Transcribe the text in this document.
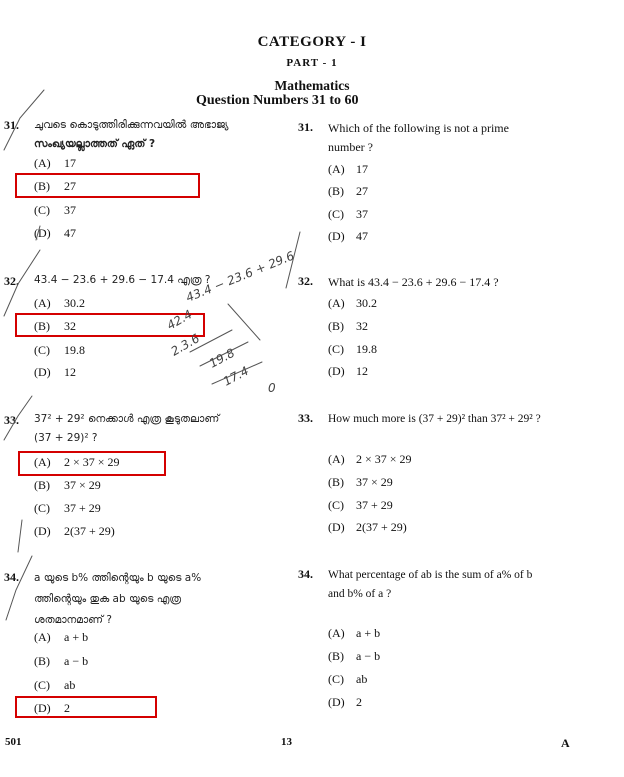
CATEGORY - I
PART - 1
Mathematics
Question Numbers 31 to 60
31. ചുവടെ കൊടുത്തിരിക്കുന്നവയിൽ അഭാജ്യ
സംഖ്യയല്ലാത്തത് ഏത് ?
(A) 17
(B) 27
(C) 37
(D) 47
31. Which of the following is not a prime
number ?
(A) 17
(B) 27
(C) 37
(D) 47
32. 43.4 − 23.6 + 29.6 − 17.4 എത്ര ?
(A) 30.2
(B) 32
(C) 19.8
(D) 12
32. What is 43.4 − 23.6 + 29.6 − 17.4 ?
(A) 30.2
(B) 32
(C) 19.8
(D) 12
33. 37² + 29² നെക്കാൾ എത്ര കൂടുതലാണ്
(37 + 29)² ?
(A) 2 × 37 × 29
(B) 37 × 29
(C) 37 + 29
(D) 2(37 + 29)
33. How much more is (37 + 29)² than 37² + 29² ?
(A) 2 × 37 × 29
(B) 37 × 29
(C) 37 + 29
(D) 2(37 + 29)
34. a യുടെ b% ത്തിന്റെയും b യുടെ a%
ത്തിന്റെയും തുക ab യുടെ എത്ര
ശതമാനമാണ് ?
(A) a + b
(B) a − b
(C) ab
(D) 2
34. What percentage of ab is the sum of a% of b
and b% of a ?
(A) a + b
(B) a − b
(C) ab
(D) 2
43.4 − 23.6 + 29.6
42.4
2.3.6
17.4
19.8
0
501	13	A
